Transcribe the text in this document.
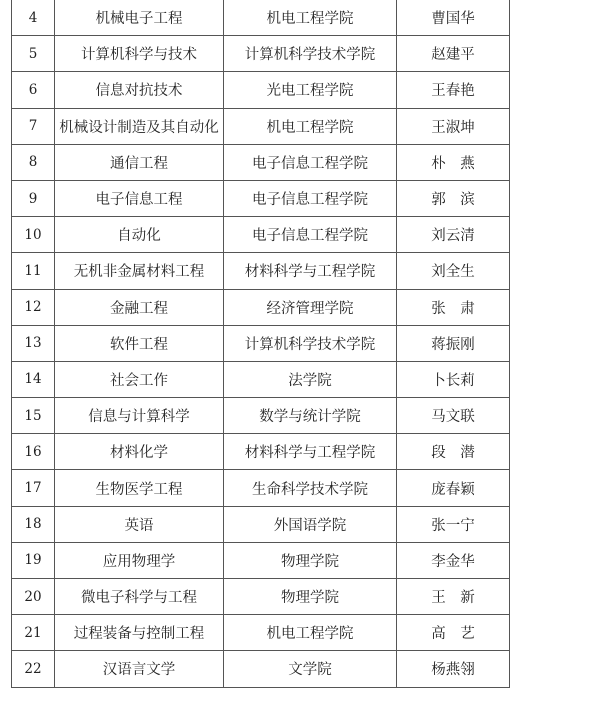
4	机械电子工程	机电工程学院	曹国华
5	计算机科学与技术	计算机科学技术学院	赵建平
6	信息对抗技术	光电工程学院	王春艳
7	机械设计制造及其自动化	机电工程学院	王淑坤
8	通信工程	电子信息工程学院	朴　燕
9	电子信息工程	电子信息工程学院	郭　滨
10	自动化	电子信息工程学院	刘云清
11	无机非金属材料工程	材料科学与工程学院	刘全生
12	金融工程	经济管理学院	张　肃
13	软件工程	计算机科学技术学院	蒋振刚
14	社会工作	法学院	卜长莉
15	信息与计算科学	数学与统计学院	马文联
16	材料化学	材料科学与工程学院	段　潜
17	生物医学工程	生命科学技术学院	庞春颖
18	英语	外国语学院	张一宁
19	应用物理学	物理学院	李金华
20	微电子科学与工程	物理学院	王　新
21	过程装备与控制工程	机电工程学院	高　艺
22	汉语言文学	文学院	杨燕翎
